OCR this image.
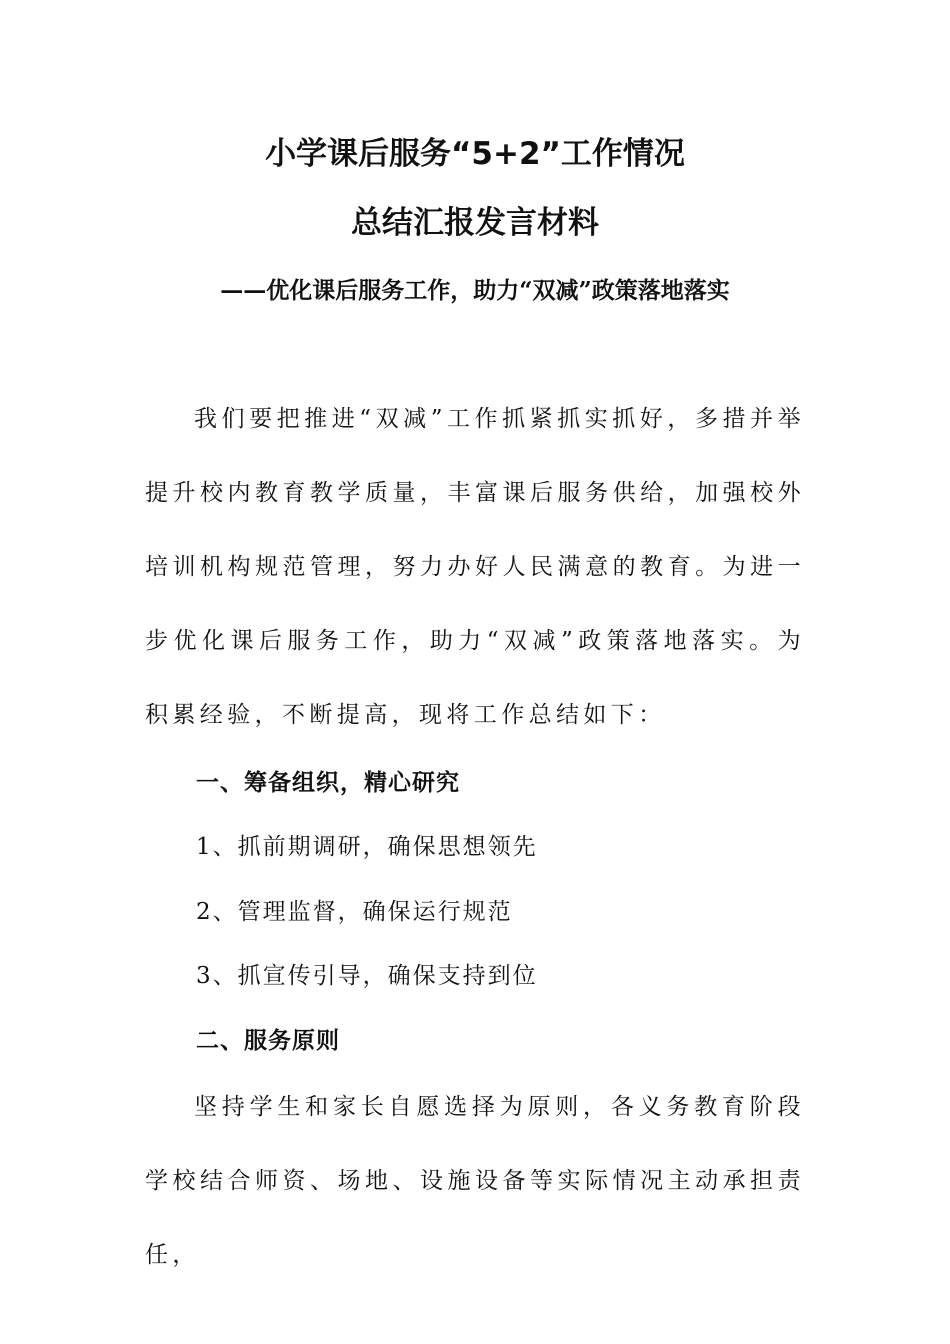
小学课后服务“5+2”工作情况
总结汇报发言材料
——优化课后服务工作，助力“双减”政策落地落实

我们要把推进“双减”工作抓紧抓实抓好，多措并举提升校内教育教学质量，丰富课后服务供给，加强校外培训机构规范管理，努力办好人民满意的教育。为进一步优化课后服务工作，助力“双减”政策落地落实。为积累经验，不断提高，现将工作总结如下：

一、筹备组织，精心研究

1、抓前期调研，确保思想领先

2、管理监督，确保运行规范

3、抓宣传引导，确保支持到位

二、服务原则

坚持学生和家长自愿选择为原则，各义务教育阶段学校结合师资、场地、设施设备等实际情况主动承担责任，
